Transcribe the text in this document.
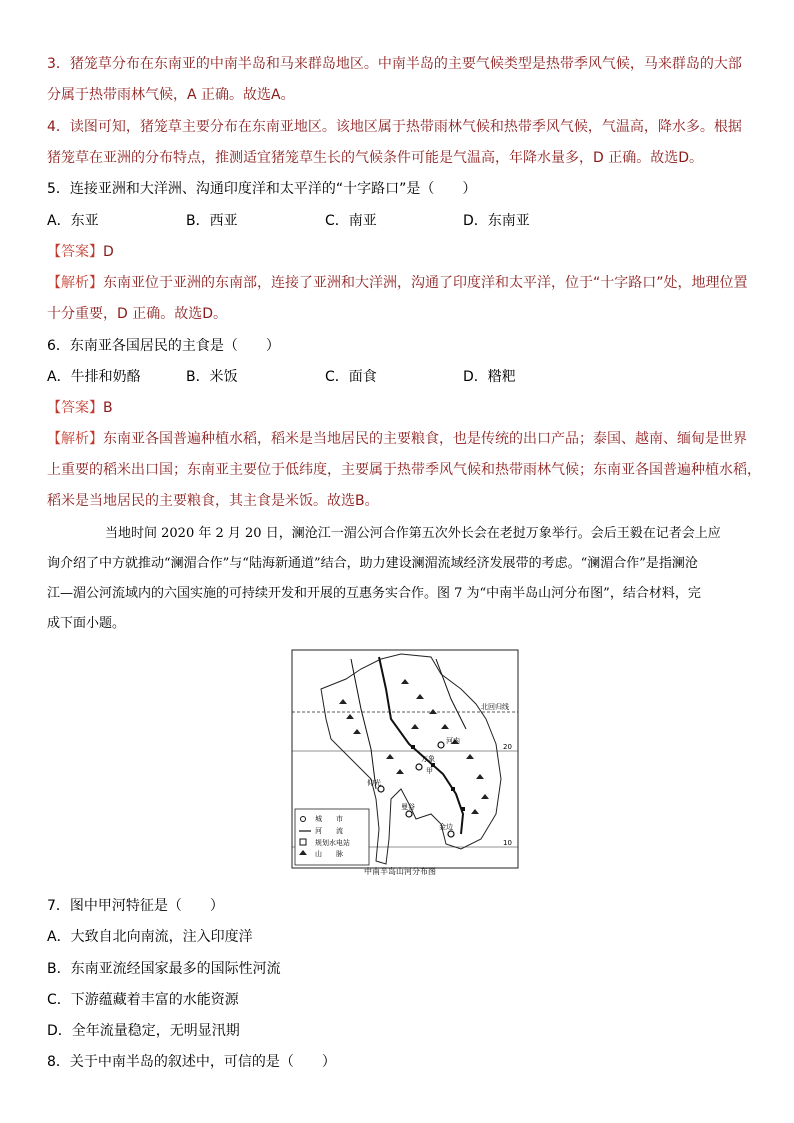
3．猪笼草分布在东南亚的中南半岛和马来群岛地区。中南半岛的主要气候类型是热带季风气候，马来群岛的大部

分属于热带雨林气候，A 正确。故选A。

4．读图可知，猪笼草主要分布在东南亚地区。该地区属于热带雨林气候和热带季风气候，气温高，降水多。根据

猪笼草在亚洲的分布特点，推测适宜猪笼草生长的气候条件可能是气温高，年降水量多，D 正确。故选D。

5．连接亚洲和大洋洲、沟通印度洋和太平洋的“十字路口”是（　　）

A．东亚	B．西亚	C．南亚	D．东南亚

【答案】D

【解析】东南亚位于亚洲的东南部，连接了亚洲和大洋洲，沟通了印度洋和太平洋，位于“十字路口”处，地理位置

十分重要，D 正确。故选D。

6．东南亚各国居民的主食是（　　）

A．牛排和奶酪	B．米饭	C．面食	D．糌粑

【答案】B

【解析】东南亚各国普遍种植水稻，稻米是当地居民的主要粮食，也是传统的出口产品；泰国、越南、缅甸是世界

上重要的稻米出口国；东南亚主要位于低纬度，主要属于热带季风气候和热带雨林气候；东南亚各国普遍种植水稻，

稻米是当地居民的主要粮食，其主食是米饭。故选B。

当地时间 2020 年 2 月 20 日，澜沧江一湄公河合作第五次外长会在老挝万象举行。会后王毅在记者会上应

询介绍了中方就推动“澜湄合作”与“陆海新通道”结合，助力建设澜湄流域经济发展带的考虑。“澜湄合作”是指澜沧

江—湄公河流域内的六国实施的可持续开发和开展的互惠务实合作。图 7 为“中南半岛山河分布图”，结合材料，完

成下面小题。

北回归线
20
10
河内
万象
仰光
曼谷
金边
甲
城　　市
河　　流
规划水电站
山　　脉
中南半岛山河分布图

7．图中甲河特征是（　　）

A．大致自北向南流，注入印度洋

B．东南亚流经国家最多的国际性河流

C．下游蕴藏着丰富的水能资源

D．全年流量稳定，无明显汛期

8．关于中南半岛的叙述中，可信的是（　　）
